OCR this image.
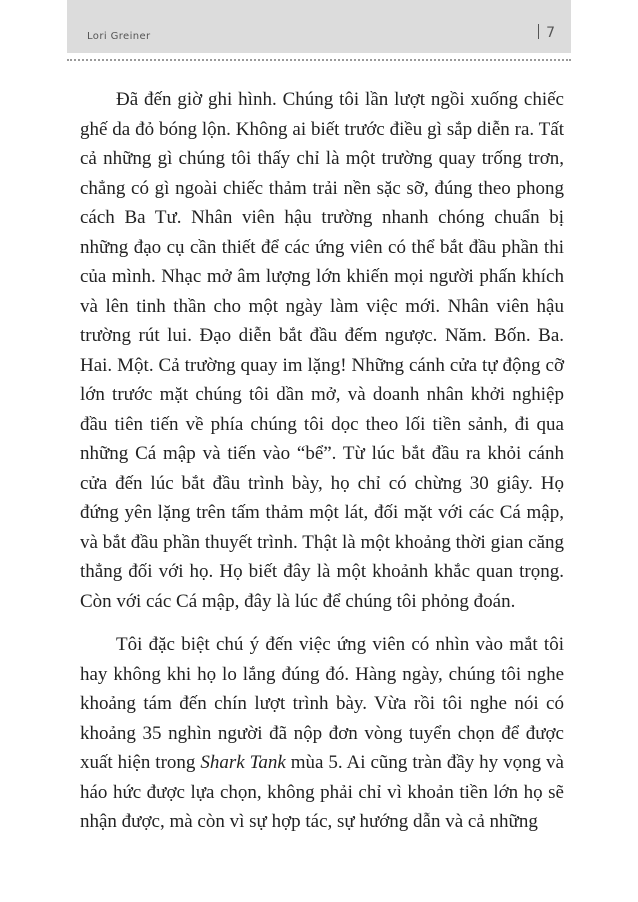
Lori Greiner	7

Đã đến giờ ghi hình. Chúng tôi lần lượt ngồi xuống chiếc ghế da đỏ bóng lộn. Không ai biết trước điều gì sắp diễn ra. Tất cả những gì chúng tôi thấy chỉ là một trường quay trống trơn, chẳng có gì ngoài chiếc thảm trải nền sặc sỡ, đúng theo phong cách Ba Tư. Nhân viên hậu trường nhanh chóng chuẩn bị những đạo cụ cần thiết để các ứng viên có thể bắt đầu phần thi của mình. Nhạc mở âm lượng lớn khiến mọi người phấn khích và lên tinh thần cho một ngày làm việc mới. Nhân viên hậu trường rút lui. Đạo diễn bắt đầu đếm ngược. Năm. Bốn. Ba. Hai. Một. Cả trường quay im lặng! Những cánh cửa tự động cỡ lớn trước mặt chúng tôi dần mở, và doanh nhân khởi nghiệp đầu tiên tiến về phía chúng tôi dọc theo lối tiền sảnh, đi qua những Cá mập và tiến vào “bể”. Từ lúc bắt đầu ra khỏi cánh cửa đến lúc bắt đầu trình bày, họ chỉ có chừng 30 giây. Họ đứng yên lặng trên tấm thảm một lát, đối mặt với các Cá mập, và bắt đầu phần thuyết trình. Thật là một khoảng thời gian căng thẳng đối với họ. Họ biết đây là một khoảnh khắc quan trọng. Còn với các Cá mập, đây là lúc để chúng tôi phỏng đoán.

Tôi đặc biệt chú ý đến việc ứng viên có nhìn vào mắt tôi hay không khi họ lo lắng đúng đó. Hàng ngày, chúng tôi nghe khoảng tám đến chín lượt trình bày. Vừa rồi tôi nghe nói có khoảng 35 nghìn người đã nộp đơn vòng tuyển chọn để được xuất hiện trong Shark Tank mùa 5. Ai cũng tràn đầy hy vọng và háo hức được lựa chọn, không phải chỉ vì khoản tiền lớn họ sẽ nhận được, mà còn vì sự hợp tác, sự hướng dẫn và cả những
